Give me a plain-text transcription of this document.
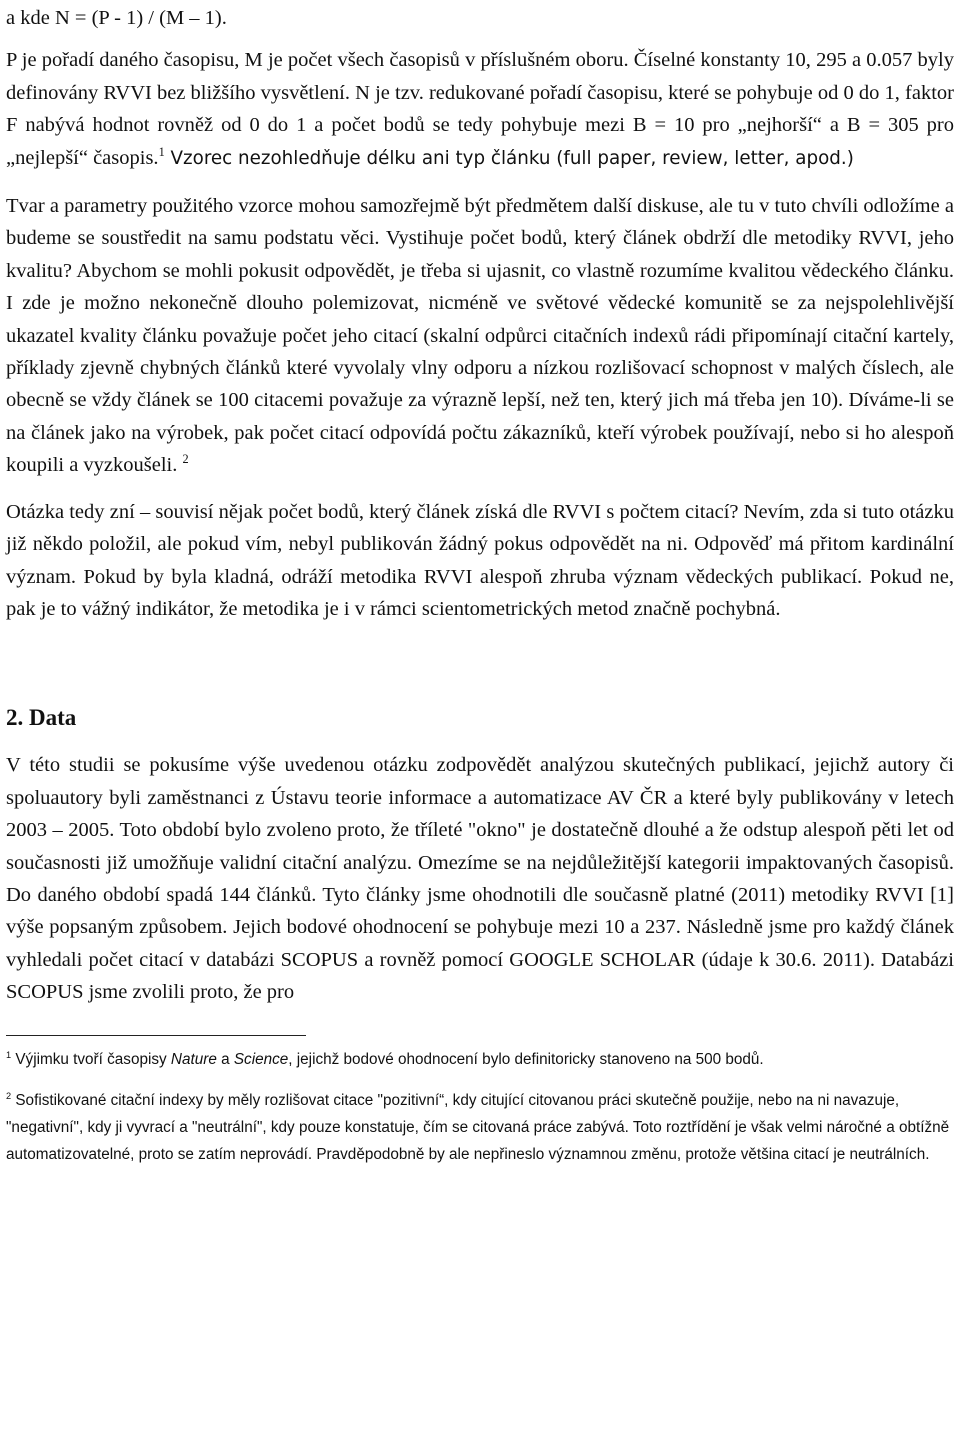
a kde N = (P - 1) / (M – 1).

P je pořadí daného časopisu, M je počet všech časopisů v příslušném oboru. Číselné konstanty 10, 295 a 0.057 byly definovány RVVI bez bližšího vysvětlení. N je tzv. redukované pořadí časopisu, které se pohybuje od 0 do 1, faktor F nabývá hodnot rovněž od 0 do 1 a počet bodů se tedy pohybuje mezi B = 10 pro „nejhorší“ a B = 305 pro „nejlepší“ časopis.$^1$ Vzorec nezohledňuje délku ani typ článku (full paper, review, letter, apod.)

Tvar a parametry použitého vzorce mohou samozřejmě být předmětem další diskuse, ale tu v tuto chvíli odložíme a budeme se soustředit na samu podstatu věci. Vystihuje počet bodů, který článek obdrží dle metodiky RVVI, jeho kvalitu? Abychom se mohli pokusit odpovědět, je třeba si ujasnit, co vlastně rozumíme kvalitou vědeckého článku. I zde je možno nekonečně dlouho polemizovat, nicméně ve světové vědecké komunitě se za nejspolehlivější ukazatel kvality článku považuje počet jeho citací (skalní odpůrci citačních indexů rádi připomínají citační kartely, příklady zjevně chybných článků které vyvolaly vlny odporu a nízkou rozlišovací schopnost v malých číslech, ale obecně se vždy článek se 100 citacemi považuje za výrazně lepší, než ten, který jich má třeba jen 10). Díváme-li se na článek jako na výrobek, pak počet citací odpovídá počtu zákazníků, kteří výrobek používají, nebo si ho alespoň koupili a vyzkoušeli. $^2$

Otázka tedy zní – souvisí nějak počet bodů, který článek získá dle RVVI s počtem citací? Nevím, zda si tuto otázku již někdo položil, ale pokud vím, nebyl publikován žádný pokus odpovědět na ni. Odpověď má přitom kardinální význam. Pokud by byla kladná, odráží metodika RVVI alespoň zhruba význam vědeckých publikací. Pokud ne, pak je to vážný indikátor, že metodika je i v rámci scientometrických metod značně pochybná.

2. Data

V této studii se pokusíme výše uvedenou otázku zodpovědět analýzou skutečných publikací, jejichž autory či spoluautory byli zaměstnanci z Ústavu teorie informace a automatizace AV ČR a které byly publikovány v letech 2003 – 2005. Toto období bylo zvoleno proto, že tříleté "okno" je dostatečně dlouhé a že odstup alespoň pěti let od současnosti již umožňuje validní citační analýzu. Omezíme se na nejdůležitější kategorii impaktovaných časopisů. Do daného období spadá 144 článků. Tyto články jsme ohodnotili dle současně platné (2011) metodiky RVVI [1] výše popsaným způsobem. Jejich bodové ohodnocení se pohybuje mezi 10 a 237. Následně jsme pro každý článek vyhledali počet citací v databázi SCOPUS a rovněž pomocí GOOGLE SCHOLAR (údaje k 30.6. 2011). Databázi SCOPUS jsme zvolili proto, že pro

$^1$ Výjimku tvoří časopisy Nature a Science, jejichž bodové ohodnocení bylo definitoricky stanoveno na 500 bodů.

$^2$ Sofistikované citační indexy by měly rozlišovat citace "pozitivní“, kdy citující citovanou práci skutečně použije, nebo na ni navazuje, "negativní", kdy ji vyvrací a "neutrální", kdy pouze konstatuje, čím se citovaná práce zabývá. Toto roztřídění je však velmi náročné a obtížně automatizovatelné, proto se zatím neprovádí. Pravděpodobně by ale nepřineslo významnou změnu, protože většina citací je neutrálních.
